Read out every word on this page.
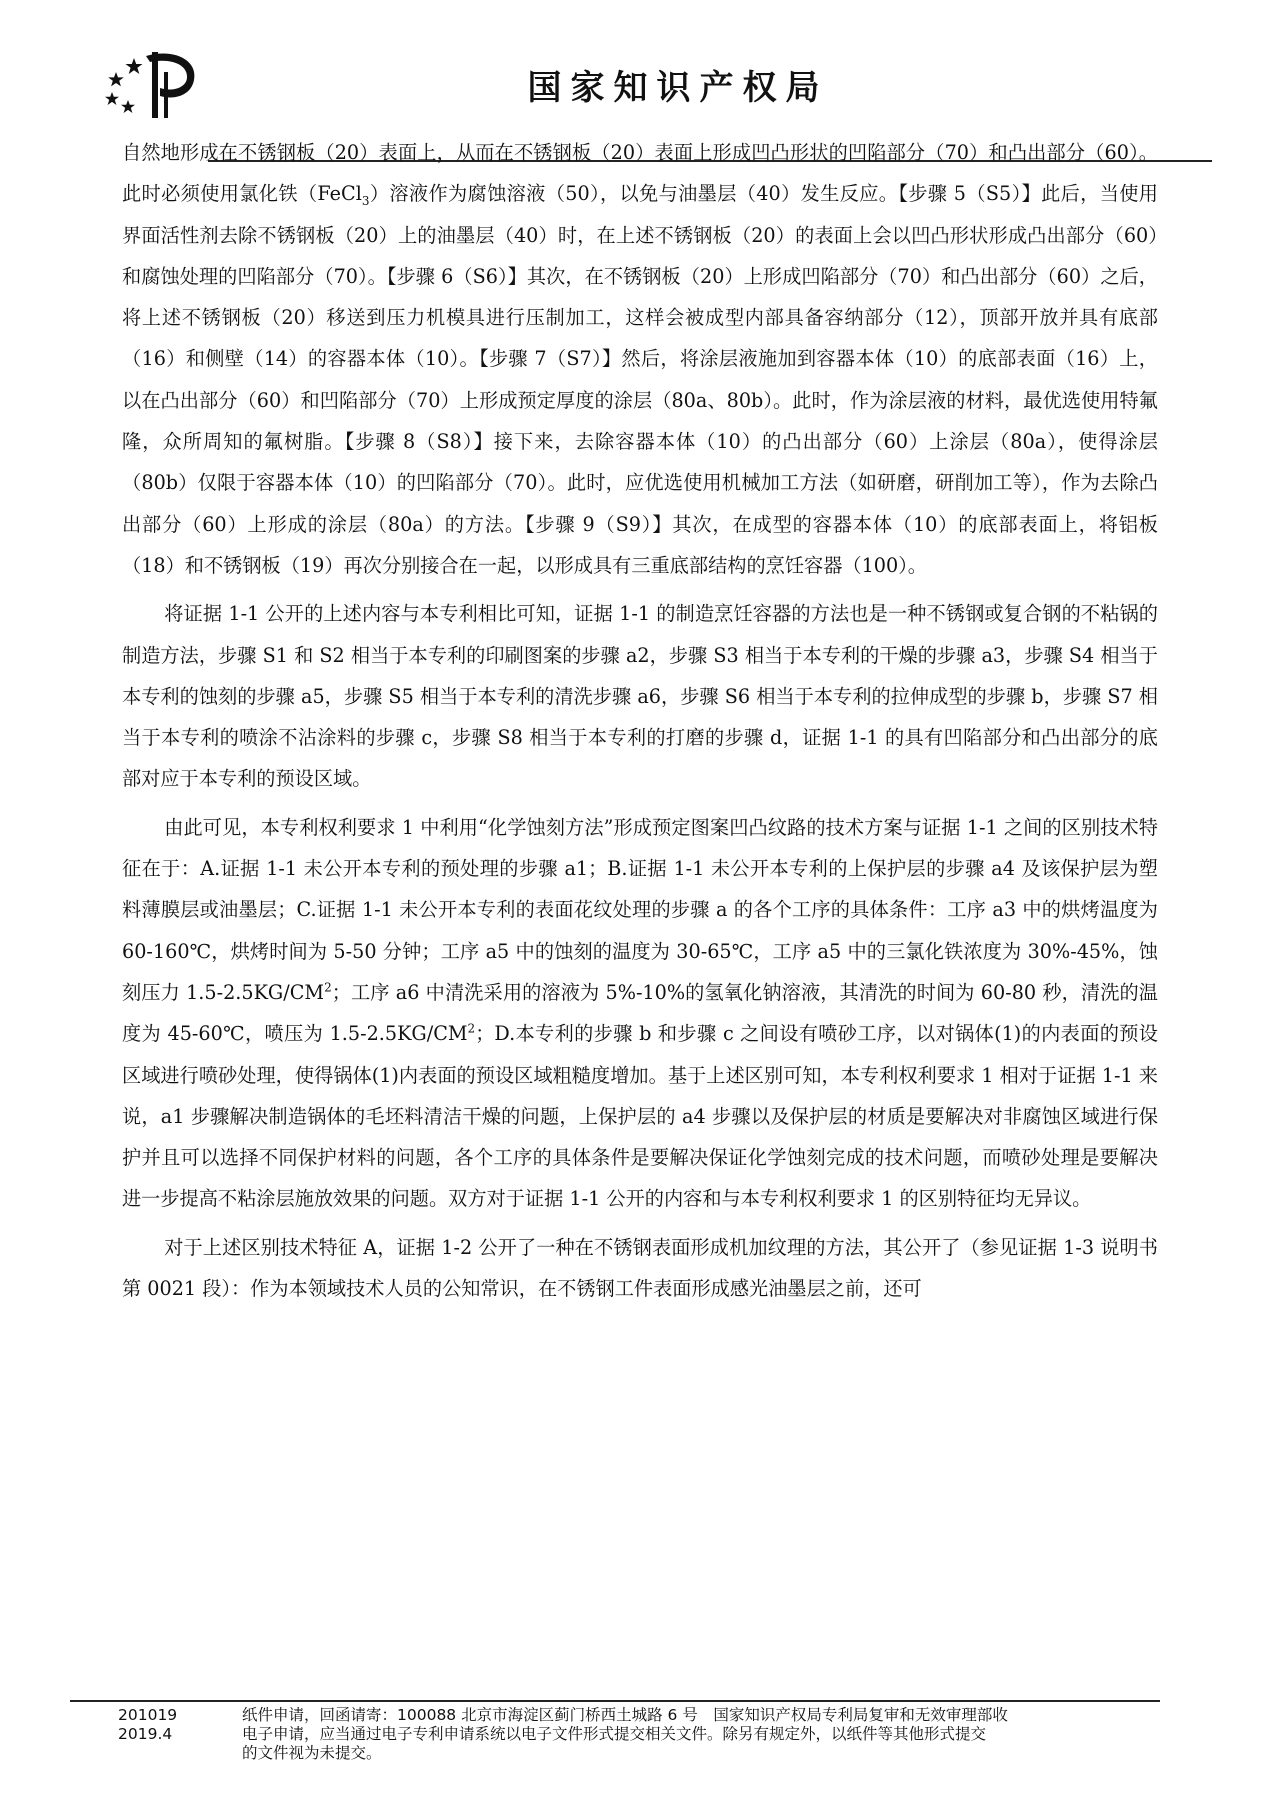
国家知识产权局

自然地形成在不锈钢板（20）表面上，从而在不锈钢板（20）表面上形成凹凸形状的凹陷部分（70）和凸出部分（60）。此时必须使用氯化铁（FeCl$_3$）溶液作为腐蚀溶液（50），以免与油墨层（40）发生反应。【步骤 5（S5）】此后，当使用界面活性剂去除不锈钢板（20）上的油墨层（40）时，在上述不锈钢板（20）的表面上会以凹凸形状形成凸出部分（60）和腐蚀处理的凹陷部分（70）。【步骤 6（S6）】其次，在不锈钢板（20）上形成凹陷部分（70）和凸出部分（60）之后，将上述不锈钢板（20）移送到压力机模具进行压制加工，这样会被成型内部具备容纳部分（12），顶部开放并具有底部（16）和侧壁（14）的容器本体（10）。【步骤 7（S7）】然后，将涂层液施加到容器本体（10）的底部表面（16）上，以在凸出部分（60）和凹陷部分（70）上形成预定厚度的涂层（80a、80b）。此时，作为涂层液的材料，最优选使用特氟隆，众所周知的氟树脂。【步骤 8（S8）】接下来，去除容器本体（10）的凸出部分（60）上涂层（80a），使得涂层（80b）仅限于容器本体（10）的凹陷部分（70）。此时，应优选使用机械加工方法（如研磨，研削加工等），作为去除凸出部分（60）上形成的涂层（80a）的方法。【步骤 9（S9）】其次，在成型的容器本体（10）的底部表面上，将铝板（18）和不锈钢板（19）再次分别接合在一起，以形成具有三重底部结构的烹饪容器（100）。

将证据 1-1 公开的上述内容与本专利相比可知，证据 1-1 的制造烹饪容器的方法也是一种不锈钢或复合钢的不粘锅的制造方法，步骤 S1 和 S2 相当于本专利的印刷图案的步骤 a2，步骤 S3 相当于本专利的干燥的步骤 a3，步骤 S4 相当于本专利的蚀刻的步骤 a5，步骤 S5 相当于本专利的清洗步骤 a6，步骤 S6 相当于本专利的拉伸成型的步骤 b，步骤 S7 相当于本专利的喷涂不沾涂料的步骤 c，步骤 S8 相当于本专利的打磨的步骤 d，证据 1-1 的具有凹陷部分和凸出部分的底部对应于本专利的预设区域。

由此可见，本专利权利要求 1 中利用“化学蚀刻方法”形成预定图案凹凸纹路的技术方案与证据 1-1 之间的区别技术特征在于：A.证据 1-1 未公开本专利的预处理的步骤 a1；B.证据 1-1 未公开本专利的上保护层的步骤 a4 及该保护层为塑料薄膜层或油墨层；C.证据 1-1 未公开本专利的表面花纹处理的步骤 a 的各个工序的具体条件：工序 a3 中的烘烤温度为 60-160℃，烘烤时间为 5-50 分钟；工序 a5 中的蚀刻的温度为 30-65℃，工序 a5 中的三氯化铁浓度为 30%-45%，蚀刻压力 $1.5-2.5KG/CM^2$；工序 a6 中清洗采用的溶液为 5%-10%的氢氧化钠溶液，其清洗的时间为 60-80 秒，清洗的温度为 45-60℃，喷压为 $1.5-2.5KG/CM^2$；D.本专利的步骤 b 和步骤 c 之间设有喷砂工序，以对锅体(1)的内表面的预设区域进行喷砂处理，使得锅体(1)内表面的预设区域粗糙度增加。基于上述区别可知，本专利权利要求 1 相对于证据 1-1 来说，a1 步骤解决制造锅体的毛坯料清洁干燥的问题，上保护层的 a4 步骤以及保护层的材质是要解决对非腐蚀区域进行保护并且可以选择不同保护材料的问题，各个工序的具体条件是要解决保证化学蚀刻完成的技术问题，而喷砂处理是要解决进一步提高不粘涂层施放效果的问题。双方对于证据 1-1 公开的内容和与本专利权利要求 1 的区别特征均无异议。

对于上述区别技术特征 A，证据 1-2 公开了一种在不锈钢表面形成机加纹理的方法，其公开了（参见证据 1-3 说明书第 0021 段）：作为本领域技术人员的公知常识，在不锈钢工件表面形成感光油墨层之前，还可

201019	纸件申请，回函请寄：100088 北京市海淀区蓟门桥西土城路 6 号　国家知识产权局专利局复审和无效审理部收
2019.4	电子申请，应当通过电子专利申请系统以电子文件形式提交相关文件。除另有规定外，以纸件等其他形式提交
的文件视为未提交。
